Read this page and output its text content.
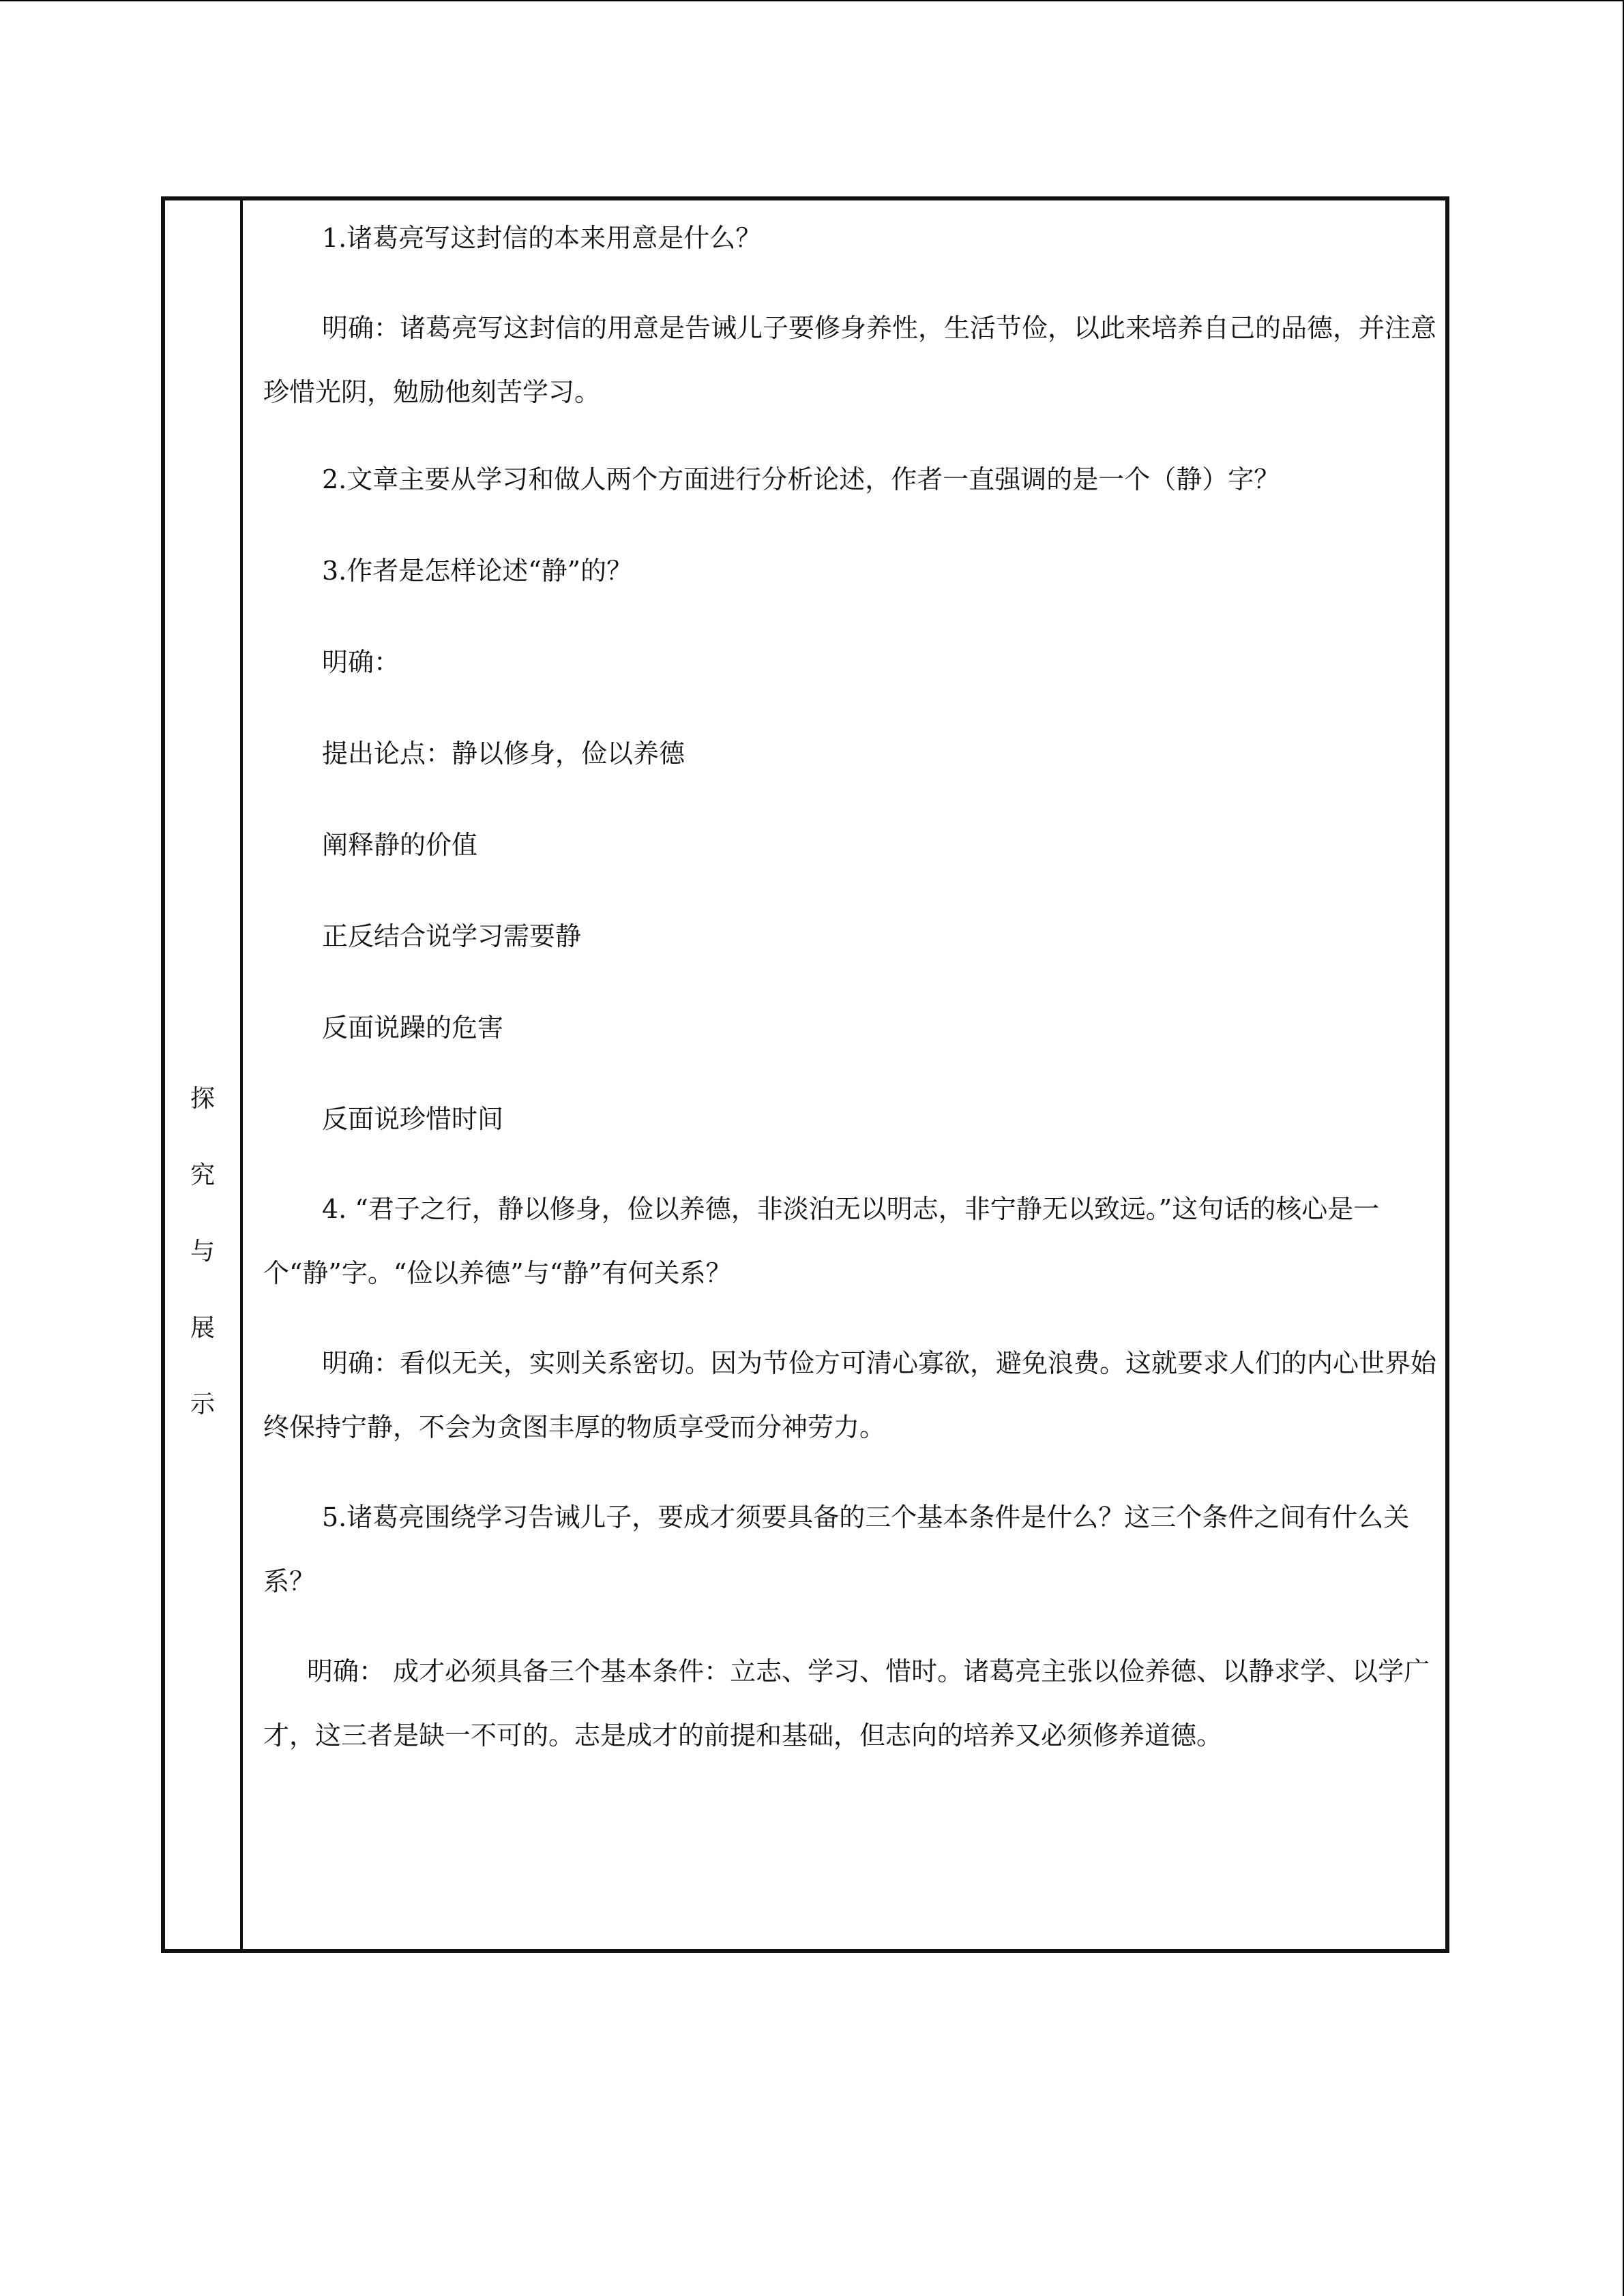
探
究
与
展
示
1.诸葛亮写这封信的本来用意是什么？
明确：诸葛亮写这封信的用意是告诫儿子要修身养性，生活节俭，以此来培养自己的品德，并注意珍惜光阴，勉励他刻苦学习。
2.文章主要从学习和做人两个方面进行分析论述，作者一直强调的是一个（静）字？
3.作者是怎样论述“静”的？
明确：
提出论点：静以修身，俭以养德
阐释静的价值
正反结合说学习需要静
反面说躁的危害
反面说珍惜时间
4. “君子之行，静以修身，俭以养德，非淡泊无以明志，非宁静无以致远。”这句话的核心是一个“静”字。“俭以养德”与“静”有何关系？
明确：看似无关，实则关系密切。因为节俭方可清心寡欲，避免浪费。这就要求人们的内心世界始终保持宁静，不会为贪图丰厚的物质享受而分神劳力。
5.诸葛亮围绕学习告诫儿子，要成才须要具备的三个基本条件是什么？这三个条件之间有什么关系？
明确： 成才必须具备三个基本条件：立志、学习、惜时。诸葛亮主张以俭养德、以静求学、以学广才，这三者是缺一不可的。志是成才的前提和基础，但志向的培养又必须修养道德。
